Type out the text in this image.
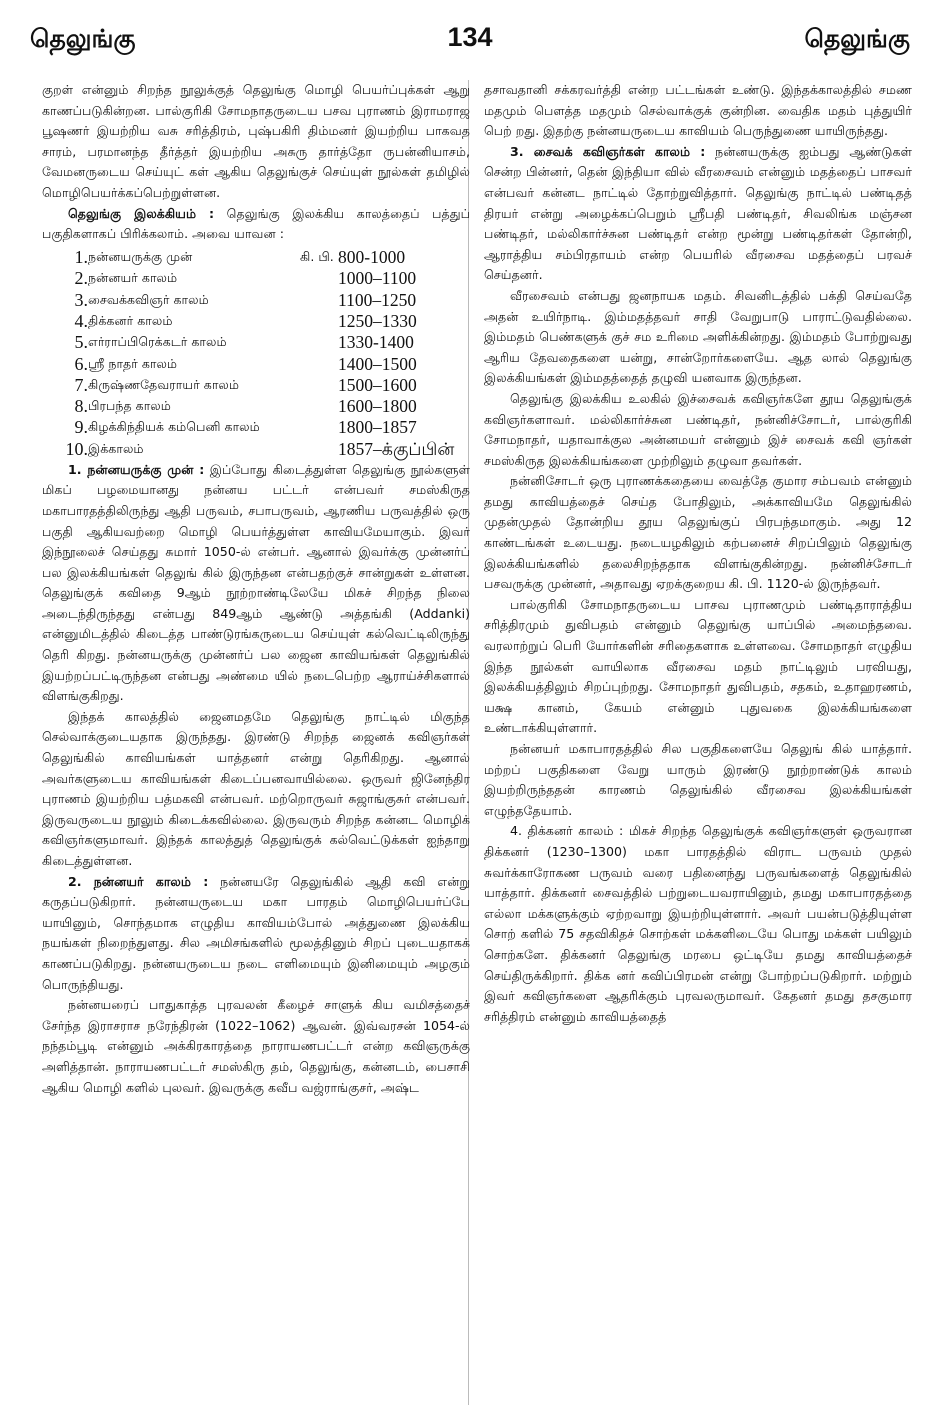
தெலுங்கு	134	தெலுங்கு

குறள் என்னும் சிறந்த நூலுக்குத் தெலுங்கு மொழி பெயர்ப்புக்கள் ஆறு காணப்படுகின்றன. பால்குரிகி சோமநாதருடைய பசவ புராணம் இராமராஜ பூஷணர் இயற்றிய வசு சரித்திரம், புஷ்பகிரி திம்மனர் இயற்றிய பாகவத சாரம், பரமானந்த தீர்த்தர் இயற்றிய அசுரு தார்த்தோ ருபன்னியாசம், வேமனருடைய செய்யுட் கள் ஆகிய தெலுங்குச் செய்யுள் நூல்கள் தமிழில் மொழிபெயர்க்கப்பெற்றுள்ளன.

தெலுங்கு இலக்கியம் : தெலுங்கு இலக்கிய காலத்தைப் பத்துப் பகுதிகளாகப் பிரிக்கலாம். அவை யாவன :

1.	நன்னயருக்கு முன்	கி. பி.	800-1000
2.	நன்னயர் காலம்		1000–1100
3.	சைவக்கவிஞர் காலம்		1100–1250
4.	திக்கனர் காலம்		1250–1330
5.	எர்ராப்பிரெக்கடர் காலம்		1330-1400
6.	ஸ்ரீ நாதர் காலம்		1400–1500
7.	கிருஷ்ணதேவராயர் காலம்		1500–1600
8.	பிரபந்த காலம்		1600–1800
9.	கிழக்கிந்தியக் கம்பெனி காலம்		1800–1857
10.	இக்காலம்		1857–க்குப்பின்

1. நன்னயருக்கு முன் : இப்போது கிடைத்துள்ள தெலுங்கு நூல்களுள் மிகப் பழமையானது நன்னய பட்டர் என்பவர் சமஸ்கிருத மகாபாரதத்திலிருந்து ஆதி பருவம், சபாபருவம், ஆரணிய பருவத்தில் ஒரு பகுதி ஆகியவற்றை மொழி பெயர்த்துள்ள காவியமேயாகும். இவர் இந்நூலைச் செய்தது சுமார் 1050-ல் என்பர். ஆனால் இவர்க்கு முன்னர்ப் பல இலக்கியங்கள் தெலுங் கில் இருந்தன என்பதற்குச் சான்றுகள் உள்ளன. தெலுங்குக் கவிதை 9ஆம் நூற்றாண்டிலேயே மிகச் சிறந்த நிலை அடைந்திருந்தது என்பது 849ஆம் ஆண்டு அத்தங்கி (Addanki) என்னுமிடத்தில் கிடைத்த பாண்டுரங்கருடைய செய்யுள் கல்வெட்டிலிருந்து தெரி கிறது. நன்னயருக்கு முன்னர்ப் பல ஜைன காவியங்கள் தெலுங்கில் இயற்றப்பட்டிருந்தன என்பது அண்மை யில் நடைபெற்ற ஆராய்ச்சிகளால் விளங்குகிறது.

இந்தக் காலத்தில் ஜைனமதமே தெலுங்கு நாட்டில் மிகுந்த செல்வாக்குடையதாக இருந்தது. இரண்டு சிறந்த ஜைனக் கவிஞர்கள் தெலுங்கில் காவியங்கள் யாத்தனர் என்று தெரிகிறது. ஆனால் அவர்களுடைய காவியங்கள் கிடைப்பனவாயில்லை. ஒருவர் ஜினேந்திர புராணம் இயற்றிய பத்மகவி என்பவர். மற்றொருவர் சுஜாங்குசுர் என்பவர். இருவருடைய நூலும் கிடைக்கவில்லை. இருவரும் சிறந்த கன்னட மொழிக் கவிஞர்களுமாவர். இந்தக் காலத்துத் தெலுங்குக் கல்வெட்டுக்கள் ஐந்தாறு கிடைத்துள்ளன.

2. நன்னயர் காலம் : நன்னயரே தெலுங்கில் ஆதி கவி என்று கருதப்படுகிறார். நன்னயருடைய மகா பாரதம் மொழிபெயர்ப்பே யாயினும், சொந்தமாக எழுதிய காவியம்போல் அத்துணை இலக்கிய நயங்கள் நிறைந்துளது. சில அமிசங்களில் மூலத்தினும் சிறப் புடையதாகக் காணப்படுகிறது. நன்னயருடைய நடை எளிமையும் இனிமையும் அழகும் பொருந்தியது.

நன்னயரைப் பாதுகாத்த புரவலன் கீழைச் சாளுக் கிய வமிசத்தைச் சேர்ந்த இராசராச நரேந்திரன் (1022–1062) ஆவன். இவ்வரசன் 1054-ல் நந்தம்பூடி என்னும் அக்கிரகாரத்தை நாராயணபட்டர் என்ற கவிஞருக்கு அளித்தான். நாராயணபட்டர் சமஸ்கிரு தம், தெலுங்கு, கன்னடம், பைசாசி ஆகிய மொழி களில் புலவர். இவருக்கு கவீப வஜ்ராங்குசர், அஷ்ட

தசாவதானி சக்கரவர்த்தி என்ற பட்டங்கள் உண்டு. இந்தக்காலத்தில் சமண மதமும் பௌத்த மதமும் செல்வாக்குக் குன்றின. வைதிக மதம் புத்துயிர் பெற் றது. இதற்கு நன்னயருடைய காவியம் பெருந்துணை யாயிருந்தது.

3. சைவக் கவிஞர்கள் காலம் : நன்னயருக்கு ஐம்பது ஆண்டுகள் சென்ற பின்னர், தென் இந்தியா வில் வீரசைவம் என்னும் மதத்தைப் பாசவர் என்பவர் கன்னட நாட்டில் தோற்றுவித்தார். தெலுங்கு நாட்டில் பண்டிதத் திரயர் என்று அழைக்கப்பெறும் ஸ்ரீபதி பண்டிதர், சிவலிங்க மஞ்சன பண்டிதர், மல்லிகார்ச்சுன பண்டிதர் என்ற மூன்று பண்டிதர்கள் தோன்றி, ஆராத்திய சம்பிரதாயம் என்ற பெயரில் வீரசைவ மதத்தைப் பரவச் செய்தனர்.

வீரசைவம் என்பது ஜனநாயக மதம். சிவனிடத்தில் பக்தி செய்வதே அதன் உயிர்நாடி. இம்மதத்தவர் சாதி வேறுபாடு பாராட்டுவதில்லை. இம்மதம் பெண்களுக் குச் சம உரிமை அளிக்கின்றது. இம்மதம் போற்றுவது ஆரிய தேவதைகளை யன்று, சான்றோர்களையே. ஆத லால் தெலுங்கு இலக்கியங்கள் இம்மதத்தைத் தழுவி யனவாக இருந்தன.

தெலுங்கு இலக்கிய உலகில் இச்சைவக் கவிஞர்களே தூய தெலுங்குக் கவிஞர்களாவர். மல்லிகார்ச்சுன பண்டிதர், நன்னிச்சோடர், பால்குரிகி சோமநாதர், யதாவாக்குல அன்னமயர் என்னும் இச் சைவக் கவி ஞர்கள் சமஸ்கிருத இலக்கியங்களை முற்றிலும் தழுவா தவர்கள்.

நன்னிசோடர் ஒரு புராணக்கதையை வைத்தே குமார சம்பவம் என்னும் தமது காவியத்தைச் செய்த போதிலும், அக்காவியமே தெலுங்கில் முதன்முதல் தோன்றிய தூய தெலுங்குப் பிரபந்தமாகும். அது 12 காண்டங்கள் உடையது. நடையழகிலும் கற்பனைச் சிறப்பிலும் தெலுங்கு இலக்கியங்களில் தலைசிறந்ததாக விளங்குகின்றது. நன்னிச்சோடர் பசவருக்கு முன்னர், அதாவது ஏறக்குறைய கி. பி. 1120-ல் இருந்தவர்.

பால்குரிகி சோமநாதருடைய பாசவ புராணமும் பண்டிதாராத்திய சரித்திரமும் துவிபதம் என்னும் தெலுங்கு யாப்பில் அமைந்தவை. வரலாற்றுப் பெரி யோர்களின் சரிதைகளாக உள்ளவை. சோமநாதர் எழுதிய இந்த நூல்கள் வாயிலாக வீரசைவ மதம் நாட்டிலும் பரவியது, இலக்கியத்திலும் சிறப்புற்றது. சோமநாதர் துவிபதம், சதகம், உதாஹரணம், யக்ஷ கானம், கேயம் என்னும் புதுவகை இலக்கியங்களை உண்டாக்கியுள்ளார்.

நன்னயர் மகாபாரதத்தில் சில பகுதிகளையே தெலுங் கில் யாத்தார். மற்றப் பகுதிகளை வேறு யாரும் இரண்டு நூற்றாண்டுக் காலம் இயற்றிருந்ததன் காரணம் தெலுங்கில் வீரசைவ இலக்கியங்கள் எழுந்ததேயாம்.

4. திக்கனர் காலம் : மிகச் சிறந்த தெலுங்குக் கவிஞர்களுள் ஒருவரான திக்கனர் (1230–1300) மகா பாரதத்தில் விராட பருவம் முதல் சுவர்க்காரோகண பருவம் வரை பதினைந்து பருவங்களைத் தெலுங்கில் யாத்தார். திக்கனர் சைவத்தில் பற்றுடையவராயினும், தமது மகாபாரதத்தை எல்லா மக்களுக்கும் ஏற்றவாறு இயற்றியுள்ளார். அவர் பயன்படுத்தியுள்ள சொற் களில் 75 சதவிகிதச் சொற்கள் மக்களிடையே பொது மக்கள் பயிலும் சொற்களே. திக்கனர் தெலுங்கு மரபை ஒட்டியே தமது காவியத்தைச் செய்திருக்கிறார். திக்க னர் கவிப்பிரமன் என்று போற்றப்படுகிறார். மற்றும் இவர் கவிஞர்களை ஆதரிக்கும் புரவலருமாவர். கேதனர் தமது தசகுமார சரித்திரம் என்னும் காவியத்தைத்
